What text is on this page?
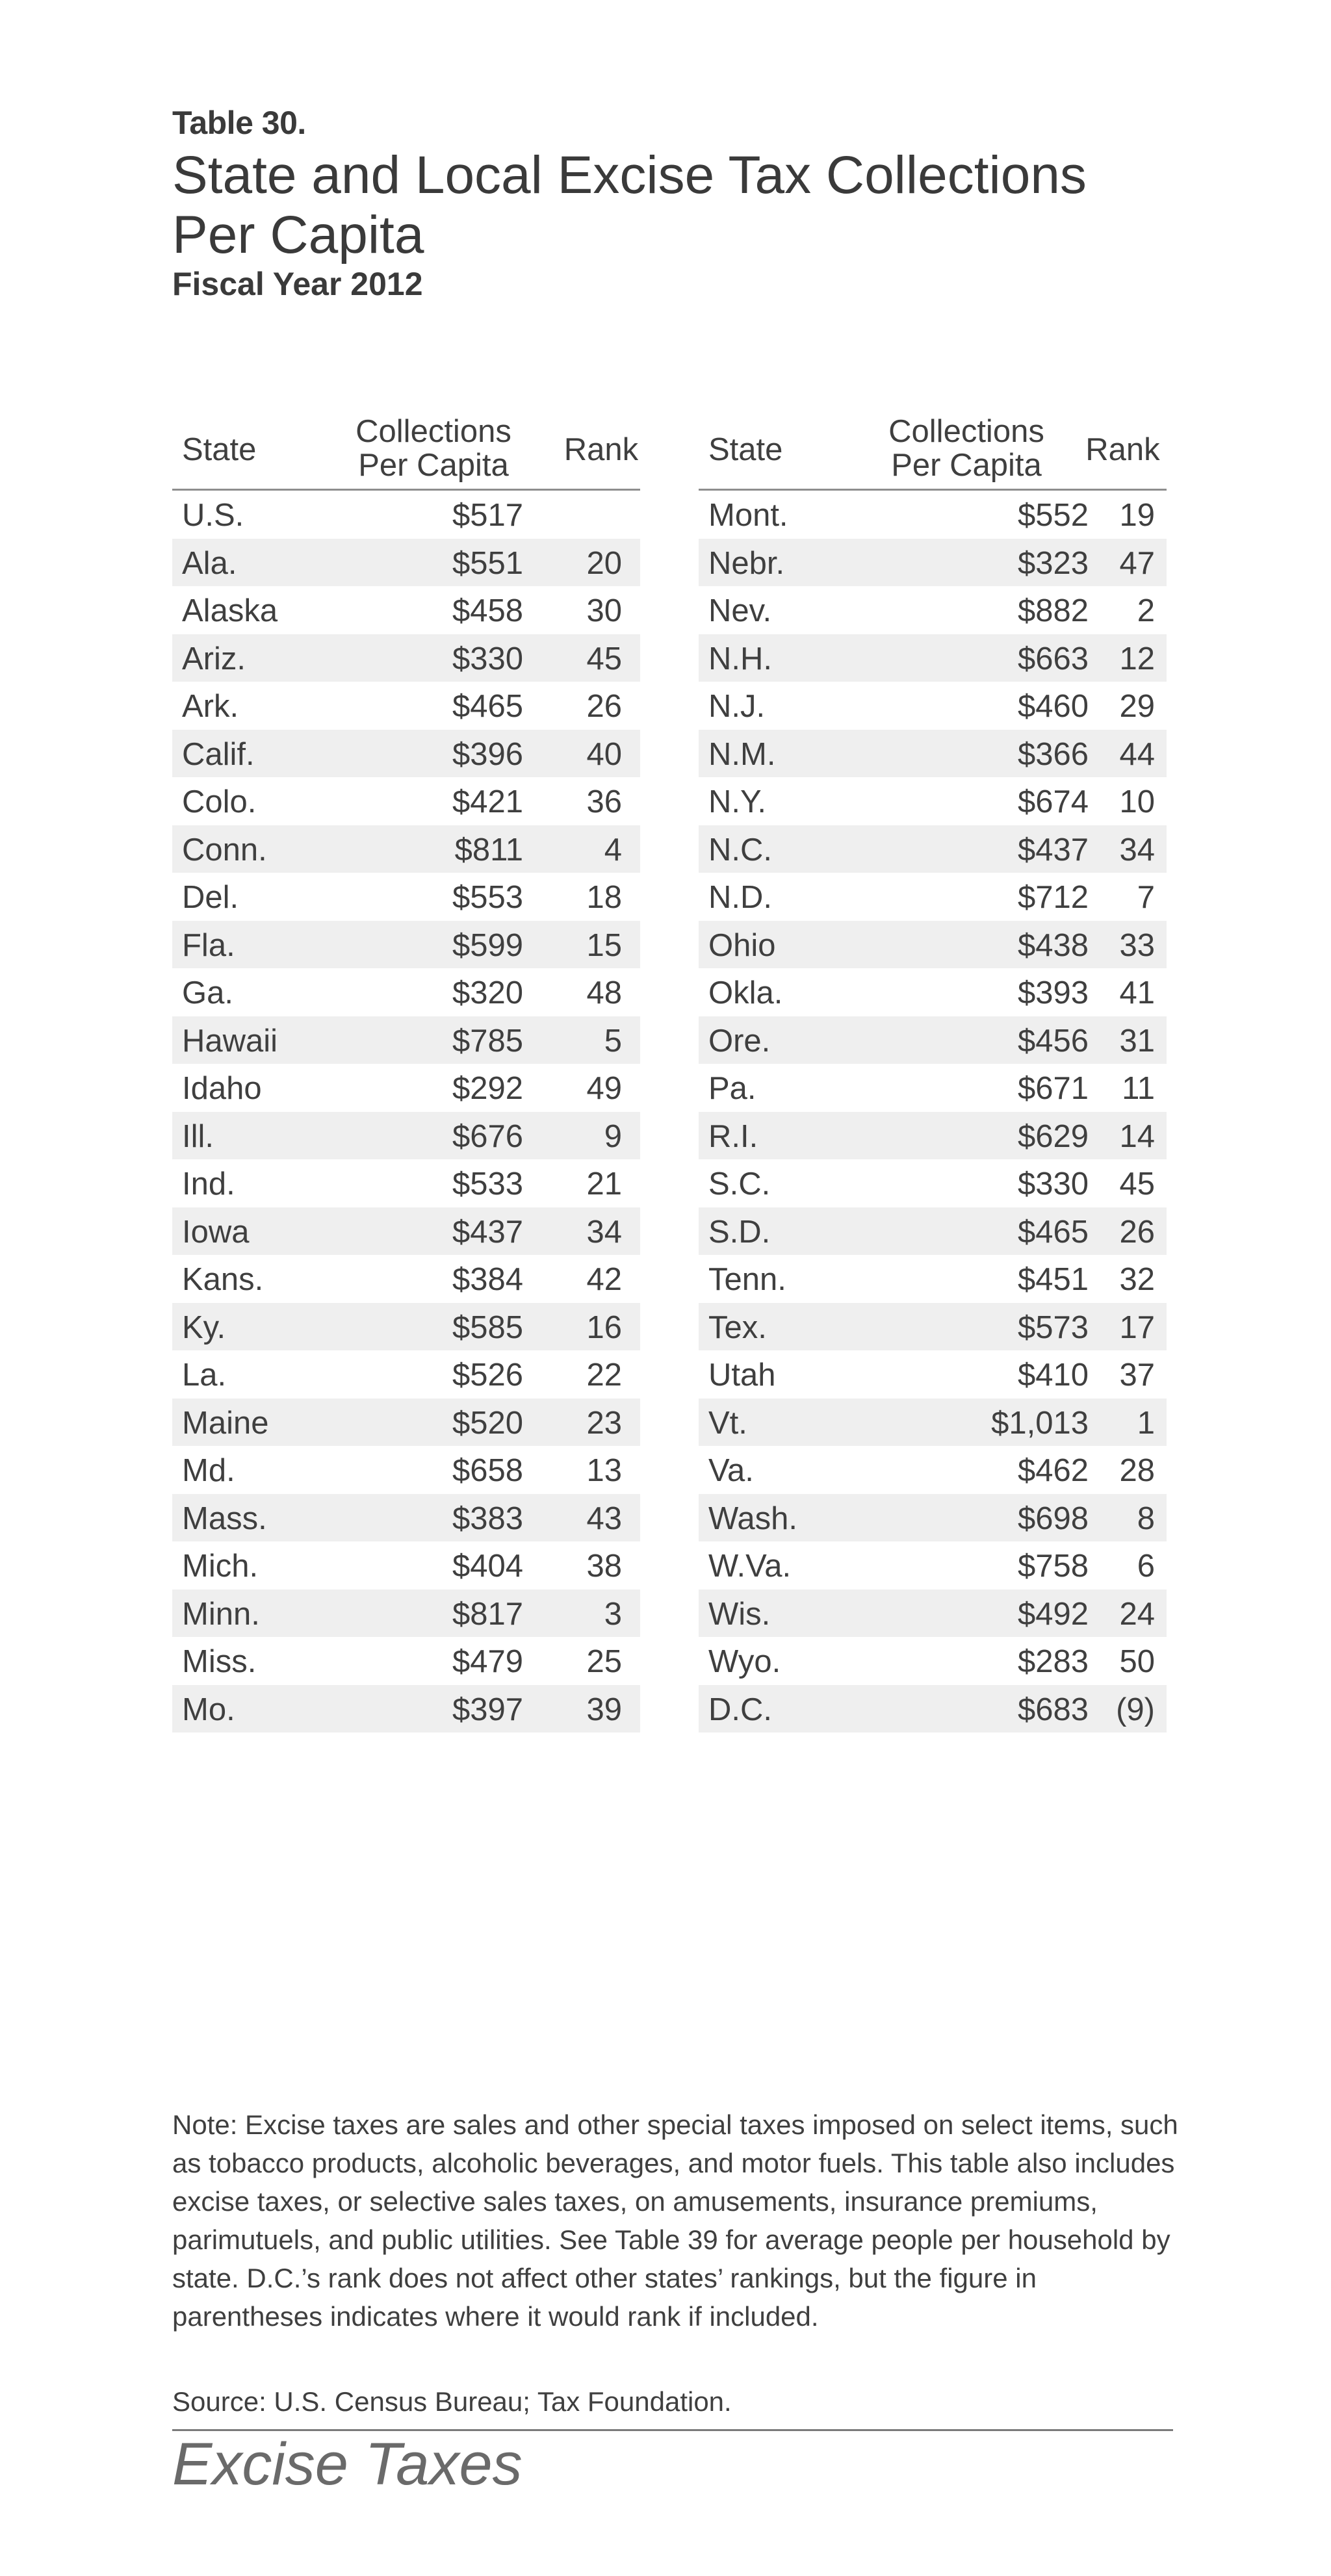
Table 30.
State and Local Excise Tax Collections Per Capita
Fiscal Year 2012
State
Collections Per Capita	Rank
U.S.	$517
Ala.	$551 20
Alaska	$458 30
Ariz.	$330 45
Ark.	$465 26
Calif.	$396 40
Colo.	$421 36
Conn.	$811	4
Del.	$553 18
Fla.	$599 15
Ga.	$320 48
Hawaii	$785	5
Idaho	$292 49
Ill.	$676	9
Ind.	$533 21
Iowa	$437 34
Kans.	$384 42
Ky.	$585 16
La.	$526 22
Maine	$520 23
Md.	$658 13
Mass.	$383 43
Mich.	$404 38
Minn.	$817	3
Miss.	$479 25
Mo.	$397 39
State
Collections Per Capita	Rank
Mont.	$552 19
Nebr.	$323 47
Nev.	$882 2
N.H.	$663 12
N.J.	$460 29
N.M.	$366 44
N.Y.	$674 10
N.C.	$437 34
N.D.	$712 7
Ohio	$438 33
Okla.	$393 41
Ore.	$456 31
Pa.	$671 11
R.I.	$629 14
S.C.	$330 45
S.D.	$465 26
Tenn.	$451 32
Tex.	$573 17
Utah	$410 37
Vt.	$1,013 1
Va.	$462 28
Wash.	$698 8
W.Va.	$758 6
Wis.	$492 24
Wyo.	$283 50
D.C.	$683 (9)
Note: Excise taxes are sales and other special taxes imposed on select items, such as tobacco products, alcoholic beverages, and motor fuels. This table also includes excise taxes, or selective sales taxes, on amusements, insurance premiums, parimutuels, and public utilities. See Table 39 for average people per household by state. D.C.’s rank does not affect other states’ rankings, but the figure in parentheses indicates where it would rank if included.
Source: U.S. Census Bureau; Tax Foundation.
Excise Taxes
